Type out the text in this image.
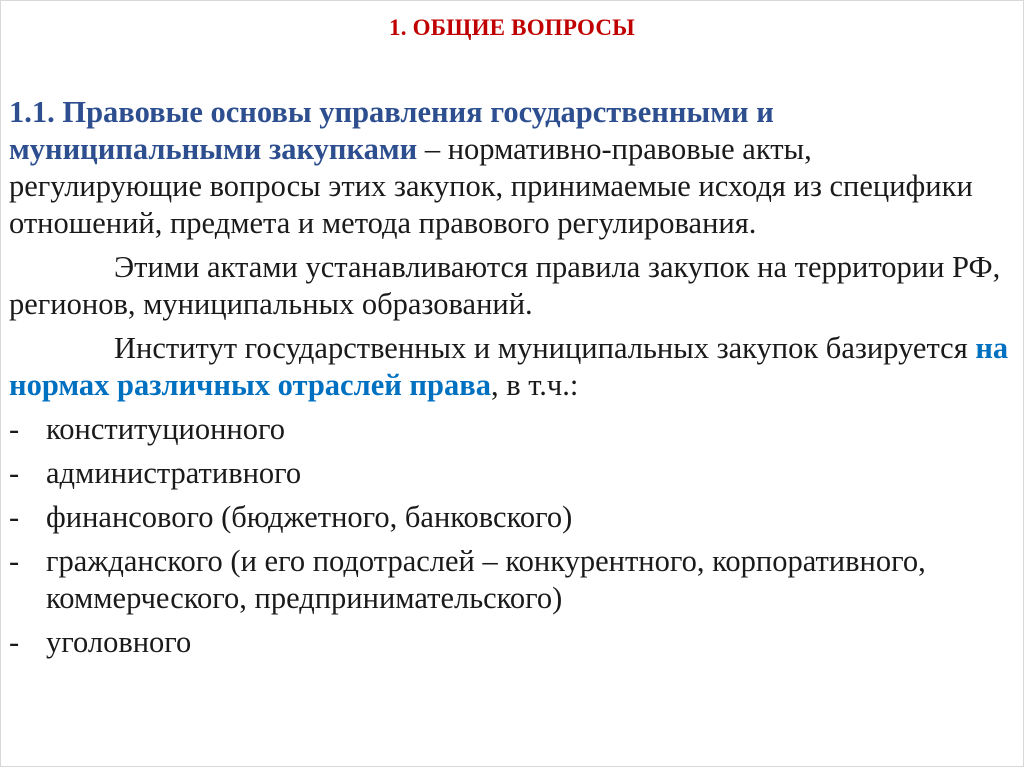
1. ОБЩИЕ ВОПРОСЫ

1.1. Правовые основы управления государственными и муниципальными закупками – нормативно-правовые акты, регулирующие вопросы этих закупок, принимаемые исходя из специфики отношений, предмета и метода правового регулирования.

Этими актами устанавливаются правила закупок на территории РФ, регионов, муниципальных образований.

Институт государственных и муниципальных закупок базируется на нормах различных отраслей права, в т.ч.:

- конституционного
- административного
- финансового (бюджетного, банковского)
- гражданского (и его подотраслей – конкурентного, корпоративного, коммерческого, предпринимательского)
- уголовного
